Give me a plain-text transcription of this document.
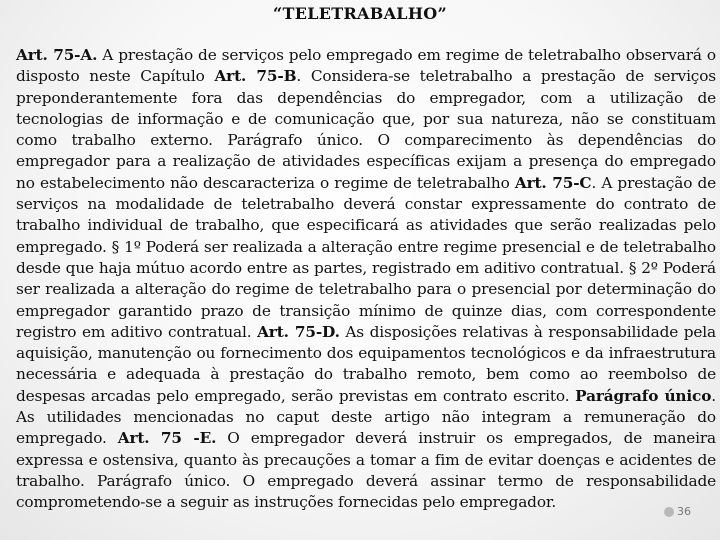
“TELETRABALHO”

Art. 75-A. A prestação de serviços pelo empregado em regime de teletrabalho observará o disposto neste Capítulo Art. 75-B. Considera-se teletrabalho a prestação de serviços preponderantemente fora das dependências do empregador, com a utilização de tecnologias de informação e de comunicação que, por sua natureza, não se constituam como trabalho externo. Parágrafo único. O comparecimento às dependências do empregador para a realização de atividades específicas exijam a presença do empregado no estabelecimento não descaracteriza o regime de teletrabalho Art. 75-C. A prestação de serviços na modalidade de teletrabalho deverá constar expressamente do contrato de trabalho individual de trabalho, que especificará as atividades que serão realizadas pelo empregado. § 1º Poderá ser realizada a alteração entre regime presencial e de teletrabalho desde que haja mútuo acordo entre as partes, registrado em aditivo contratual. § 2º Poderá ser realizada a alteração do regime de teletrabalho para o presencial por determinação do empregador garantido prazo de transição mínimo de quinze dias, com correspondente registro em aditivo contratual. Art. 75-D. As disposições relativas à responsabilidade pela aquisição, manutenção ou fornecimento dos equipamentos tecnológicos e da infraestrutura necessária e adequada à prestação do trabalho remoto, bem como ao reembolso de despesas arcadas pelo empregado, serão previstas em contrato escrito. Parágrafo único. As utilidades mencionadas no caput deste artigo não integram a remuneração do empregado. Art. 75 -E. O empregador deverá instruir os empregados, de maneira expressa e ostensiva, quanto às precauções a tomar a fim de evitar doenças e acidentes de trabalho. Parágrafo único. O empregado deverá assinar termo de responsabilidade comprometendo-se a seguir as instruções fornecidas pelo empregador.

36
